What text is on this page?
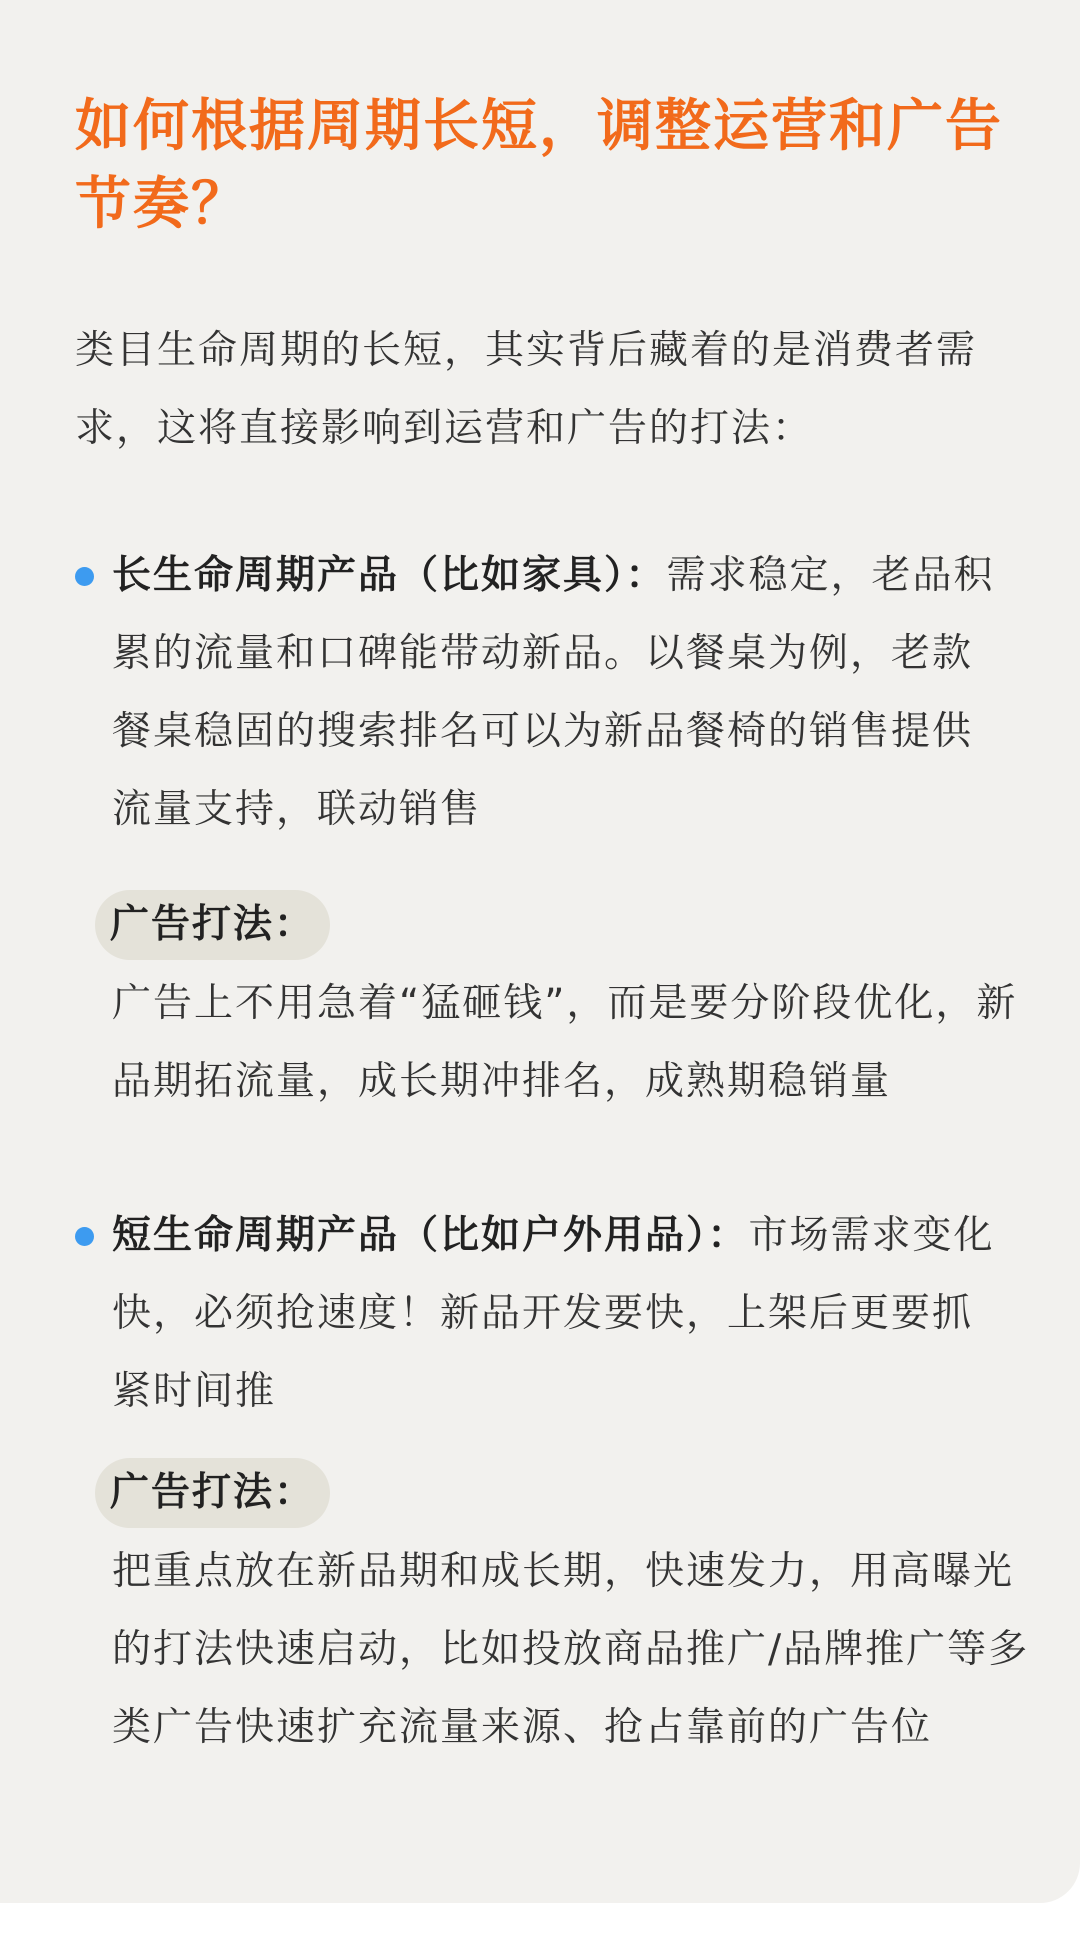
如何根据周期长短，调整运营和广告节奏？

类目生命周期的长短，其实背后藏着的是消费者需求，这将直接影响到运营和广告的打法：

长生命周期产品（比如家具）：需求稳定，老品积累的流量和口碑能带动新品。以餐桌为例，老款餐桌稳固的搜索排名可以为新品餐椅的销售提供流量支持，联动销售

广告打法：

广告上不用急着“猛砸钱”，而是要分阶段优化，新品期拓流量，成长期冲排名，成熟期稳销量

短生命周期产品（比如户外用品）：市场需求变化快，必须抢速度！新品开发要快，上架后更要抓紧时间推

广告打法：

把重点放在新品期和成长期，快速发力，用高曝光的打法快速启动，比如投放商品推广/品牌推广等多类广告快速扩充流量来源、抢占靠前的广告位
